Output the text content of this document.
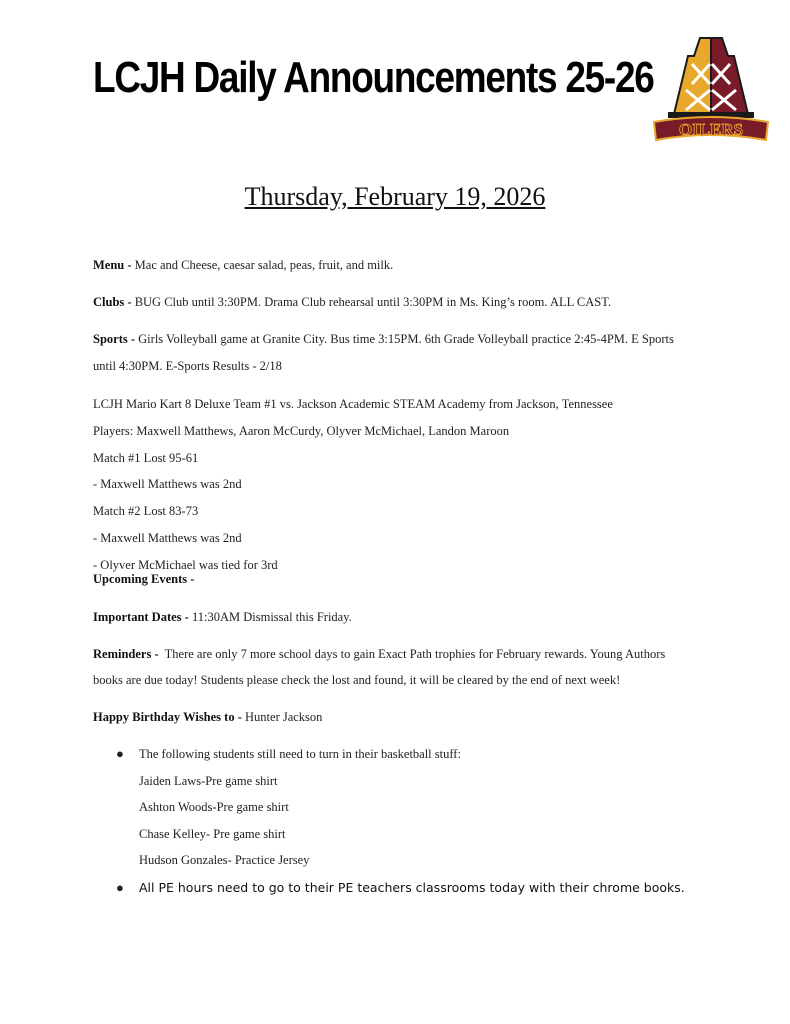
LCJH Daily Announcements 25-26
OILERS
Thursday, February 19, 2026
Menu - Mac and Cheese, caesar salad, peas, fruit, and milk.
Clubs - BUG Club until 3:30PM. Drama Club rehearsal until 3:30PM in Ms. King’s room. ALL CAST.
Sports - Girls Volleyball game at Granite City. Bus time 3:15PM. 6th Grade Volleyball practice 2:45-4PM. E Sports
until 4:30PM. E-Sports Results - 2/18
LCJH Mario Kart 8 Deluxe Team #1 vs. Jackson Academic STEAM Academy from Jackson, Tennessee
Players: Maxwell Matthews, Aaron McCurdy, Olyver McMichael, Landon Maroon
Match #1 Lost 95-61
- Maxwell Matthews was 2nd
Match #2 Lost 83-73
- Maxwell Matthews was 2nd
- Olyver McMichael was tied for 3rd
Upcoming Events -
Important Dates - 11:30AM Dismissal this Friday.
Reminders -  There are only 7 more school days to gain Exact Path trophies for February rewards. Young Authors
books are due today! Students please check the lost and found, it will be cleared by the end of next week!
Happy Birthday Wishes to - Hunter Jackson
● The following students still need to turn in their basketball stuff:
Jaiden Laws-Pre game shirt
Ashton Woods-Pre game shirt
Chase Kelley- Pre game shirt
Hudson Gonzales- Practice Jersey
● All PE hours need to go to their PE teachers classrooms today with their chrome books.
